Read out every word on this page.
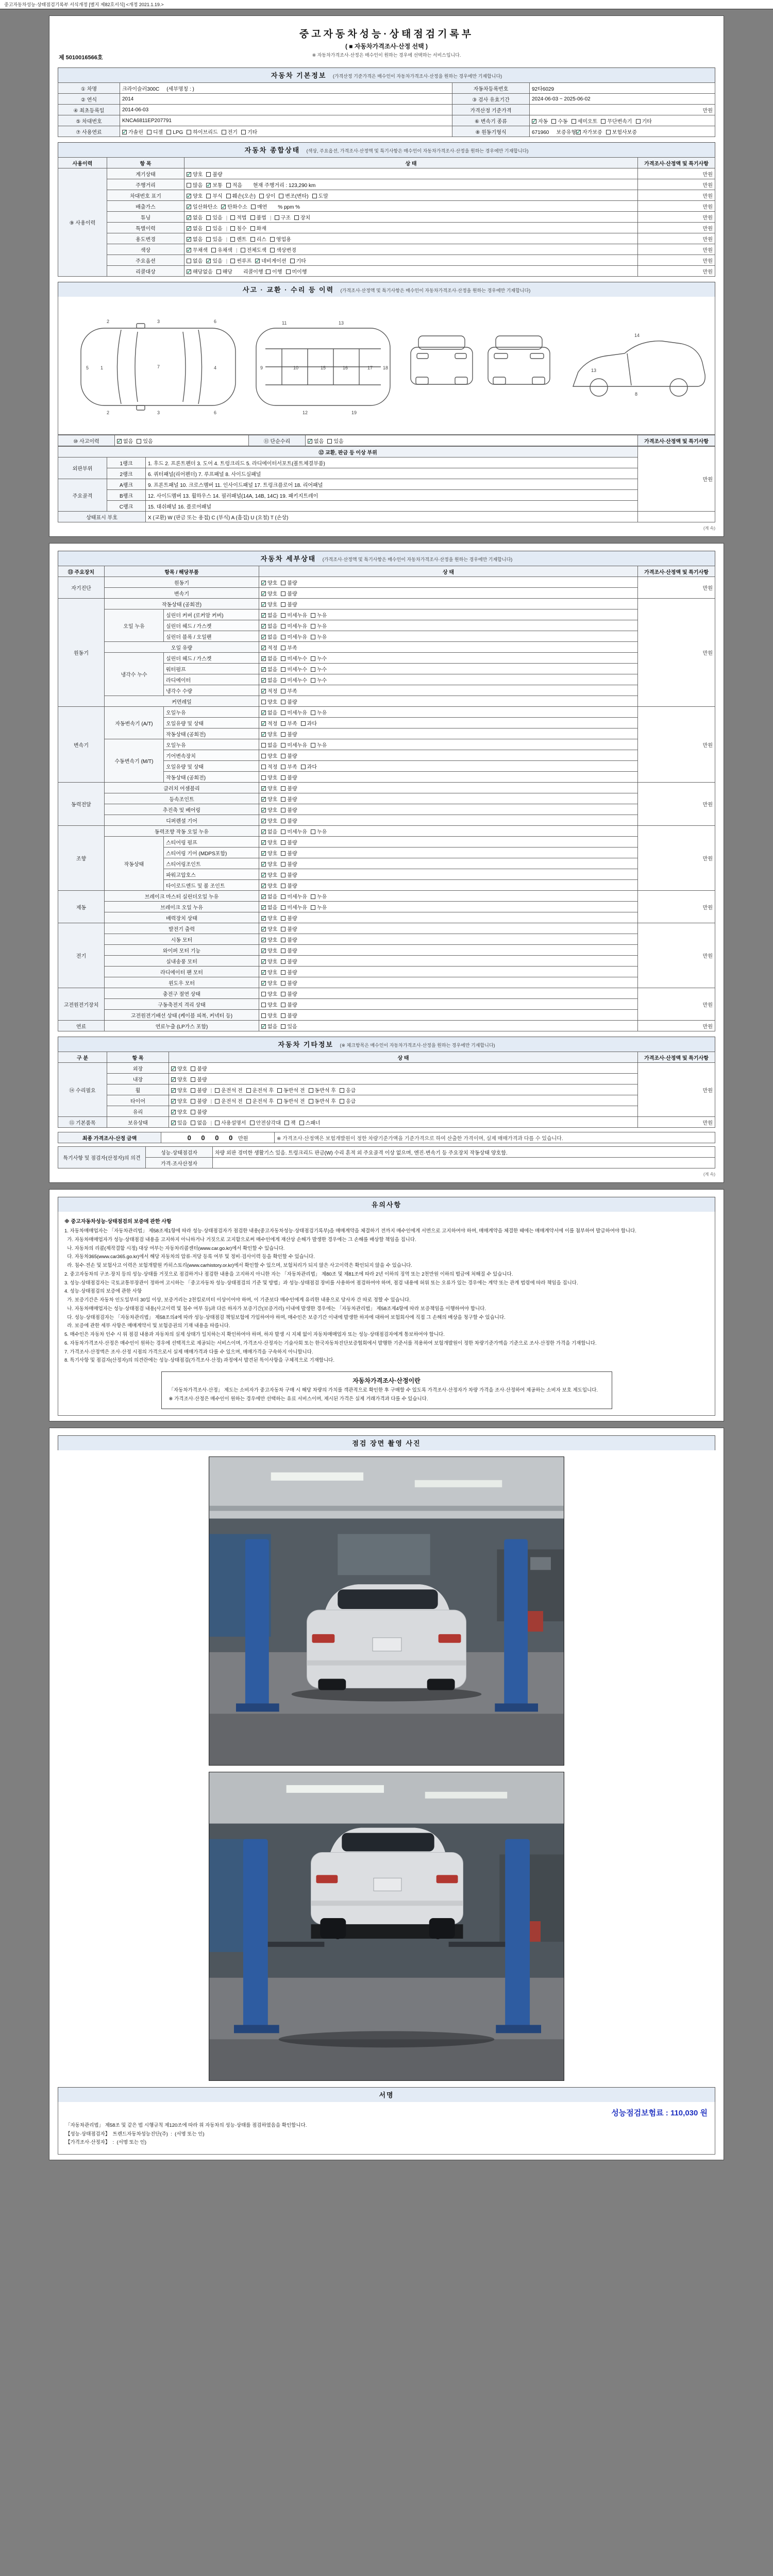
중고자동차성능·상태점검기록부 서식개정 [별지 제82호서식] <개정 2021.1.19.>
제 5010016566호
중고자동차성능·상태점검기록부
( ■ 자동차가격조사·산정 선택 )
※ 자동차가격조사·산정은 매수인이 원하는 경우에 선택하는 서비스입니다.
자동차 기본정보 (가격산정 기준가격은 매수인이 자동차가격조사·산정을 원하는 경우에만 기재합니다)
① 차명	크라이슬러300C (세부명칭 : )	자동차등록번호	92타6029
② 연식	2014	③ 검사 유효기간	2024-06-03 ~ 2025-06-02
④ 최초등록일	2014-06-03	가격산정 기준가격	만원
⑤ 차대번호	KNCA6811EP207791	⑥ 변속기 종류	✓자동 수동 세미오토 무단변속기 기타
⑦ 사용연료	✓가솔린 디젤 LPG 하이브리드 전기 기타	⑧ 원동기형식	671960 보증유형 ✓ 자가보증 보험사보증
자동차 종합상태 (색상, 주요옵션, 가격조사·산정액 및 특기사항은 매수인이 자동차가격조사·산정을 원하는 경우에만 기재합니다)
사용이력	항 목	상 태	가격조사·산정액 및 특기사항
⑨ 사용이력	계기상태	✓양호 불량	만원
	주행거리	많음 ✓ 보통 적음 현재 주행거리 : 123,290 km	만원
	차대번호 표기	✓양호 부식 훼손(오손) 상이 변조(변타) 도말	만원
	배출가스	✓일산화탄소 ✓ 탄화수소 매연 % ppm %	만원
	튜닝	✓없음 있음 | 적법 불법 | 구조 장치	만원
	특별이력	✓없음 있음 | 침수 화재	만원
	용도변경	✓없음 있음 | 렌트 리스 영업용	만원
	색상	✓무채색 유채색 | 전체도색 색상변경	만원
	주요옵션	없음 ✓ 있음 | 썬루프 ✓ 네비게이션 기타	만원
	리콜대상	✓해당없음 해당 리콜이행 : 이행 미이행	만원
사고 · 교환 · 수리 등 이력 (가격조사·산정액 및 특기사항은 매수인이 자동차가격조사·산정을 원하는 경우에만 기재합니다)
1
2	3
4
5
6
7
2	3	6
9
11
10
12
15	16	17 18
13
19
14
8
13
⑩ 사고이력	✓없음 있음	⑪ 단순수리	✓없음 있음	가격조사·산정액 및 특기사항
⑫ 교환, 판금 등 이상 부위			만원
외판부위	1랭크	1. 후드 2. 프론트펜더 3. 도어 4. 트렁크리드 5. 라디에이터서포트(볼트체결부품)	
	2랭크	6. 쿼터패널(리어펜더) 7. 루프패널 8. 사이드실패널	
주요골격	A랭크	9. 프론트패널 10. 크로스멤버 11. 인사이드패널 17. 트렁크플로어 18. 리어패널	
	B랭크	12. 사이드멤버 13. 휠하우스 14. 필러패널(14A, 14B, 14C) 19. 패키지트레이	
	C랭크	15. 대쉬패널 16. 플로어패널	
상태표시 부호		X (교환) W (판금 또는 용접) C (부식) A (흠집) U (요철) T (손상)	
(계 속)
자동차 세부상태 (가격조사·산정액 및 특기사항은 매수인이 자동차가격조사·산정을 원하는 경우에만 기재합니다)
⑬ 주요장치	항목 / 해당부품		상 태	가격조사·산정액 및 특기사항
자기진단	원동기	✓양호 불량	만원
	변속기	✓양호 불량
원동기	작동상태 (공회전)	✓양호 불량	만원
	오일 누유	실린더 커버 (로커암 커버)	✓없음 미세누유 누유
		실린더 헤드 / 가스켓	✓없음 미세누유 누유
		실린더 블록 / 오일팬	✓없음 미세누유 누유
	오일 유량	✓적정 부족
	냉각수 누수	실린더 헤드 / 가스켓	✓없음 미세누수 누수
		워터펌프	✓없음 미세누수 누수
		라디에이터	✓없음 미세누수 누수
		냉각수 수량	✓적정 부족
	커먼레일		양호 불량	
변속기	자동변속기 (A/T)	오일누유	✓없음 미세누유 누유	만원
		오일유량 및 상태	✓적정 부족 과다
		작동상태 (공회전)	✓양호 불량
	수동변속기 (M/T)	오일누유	없음 미세누유 누유	
		기어변속장치	양호 불량	
		오일유량 및 상태	적정 부족 과다	
		작동상태 (공회전)	양호 불량	
동력전달	클러치 어셈블리	✓양호 불량	만원
	등속조인트	✓양호 불량
	추진축 및 베어링	✓양호 불량
	디퍼렌셜 기어	✓양호 불량
조향	동력조향 작동 오일 누유	✓없음 미세누유 누유	만원
	작동상태	스티어링 펌프	✓양호 불량
		스티어링 기어 (MDPS포함)	✓양호 불량
		스티어링조인트	✓양호 불량
		파워고압호스	✓양호 불량
		타이로드엔드 및 볼 조인트	✓양호 불량
제동	브레이크 마스터 실린더오일 누유	✓없음 미세누유 누유	만원
	브레이크 오일 누유	✓없음 미세누유 누유
	배력장치 상태	✓양호 불량
전기	발전기 출력	✓양호 불량	만원
	시동 모터	✓양호 불량
	와이퍼 모터 기능	✓양호 불량
	실내송풍 모터	✓양호 불량
	라디에이터 팬 모터	✓양호 불량
	윈도우 모터	✓양호 불량
고전원전기장치	충전구 절연 상태		양호 불량	만원
	구동축전지 격리 상태		양호 불량	
	고전원전기배선 상태 (케이블 피복, 커넥터 등)		양호 불량	
연료	연료누출 (LP가스 포함)	✓없음 있음	만원
자동차 기타정보 (※ 체크항목은 매수인이 자동차가격조사·산정을 원하는 경우에만 기재합니다)
구 분	항 목	상 태	가격조사·산정액 및 특기사항
⑭ 수리필요	외장	✓양호 불량	만원
	내장	✓양호 불량
	휠	✓양호 불량 | 운전석 전 운전석 후 동반석 전 동반석 후 응급
	타이어	✓양호 불량 | 운전석 전 운전석 후 동반석 전 동반석 후 응급
	유리	✓양호 불량
⑮ 기본품목	보유상태	✓있음 없음 | 사용설명서 안전삼각대 잭 스패너	만원
최종 가격조사·산정 금액	0 0 0 0 만원	※ 가격조사·산정액은 보험개발원이 정한 차량기준가액을 기준가격으로 하여 산출한 가격이며, 실제 매매가격과 다를 수 있습니다.
특기사항 및 점검자(산정자)의 의견	성능·상태점검자	차량 외판 경미한 생활기스 있음. 트렁크리드 판금(W) 수리 흔적 외 주요골격 이상 없으며, 엔진·변속기 등 주요장치 작동상태 양호함.
	가격·조사산정자	
(계 속)
유의사항
※ 중고자동차성능·상태점검의 보증에 관한 사항

1. 자동차매매업자는 「자동차관리법」 제58조제1항에 따라 성능·상태점검자가 점검한 내용(중고자동차성능·상태점검기록부)을 매매계약을 체결하기 전까지 매수인에게 서면으로 고지하여야 하며, 매매계약을 체결한 때에는 매매계약서에 이를 첨부하여 발급하여야 합니다.

가. 자동차매매업자가 성능·상태점검 내용을 고지하지 아니하거나 거짓으로 고지함으로써 매수인에게 재산상 손해가 발생한 경우에는 그 손해를 배상할 책임을 집니다.

나. 자동차의 리콜(제작결함 시정) 대상 여부는 자동차리콜센터(www.car.go.kr)에서 확인할 수 있습니다.

다. 자동차365(www.car365.go.kr)에서 해당 자동차의 압류·저당 등록 여부 및 정비·검사이력 등을 확인할 수 있습니다.

라. 침수·전손 및 보험사고 이력은 보험개발원 카히스토리(www.carhistory.or.kr)에서 확인할 수 있으며, 보험처리가 되지 않은 사고이력은 확인되지 않을 수 있습니다.

2. 중고자동차의 구조·장치 등의 성능·상태를 거짓으로 점검하거나 점검한 내용을 고지하지 아니한 자는 「자동차관리법」 제80조 및 제81조에 따라 2년 이하의 징역 또는 2천만원 이하의 벌금에 처해질 수 있습니다.

3. 성능·상태점검자는 국토교통부장관이 정하여 고시하는 「중고자동차 성능·상태점검의 기준 및 방법」과 성능·상태점검 장비를 사용하여 점검하여야 하며, 점검 내용에 허위 또는 오류가 있는 경우에는 계약 또는 관계 법령에 따라 책임을 집니다.

4. 성능·상태점검의 보증에 관한 사항

가. 보증기간은 자동차 인도일부터 30일 이상, 보증거리는 2천킬로미터 이상이어야 하며, 이 기준보다 매수인에게 유리한 내용으로 당사자 간 따로 정할 수 있습니다.

나. 자동차매매업자는 성능·상태점검 내용(사고이력 및 침수 여부 등)과 다른 하자가 보증기간(보증거리) 이내에 발생한 경우에는 「자동차관리법」 제58조제4항에 따라 보증책임을 이행하여야 합니다.

다. 성능·상태점검자는 「자동차관리법」 제58조의4에 따라 성능·상태점검 책임보험에 가입하여야 하며, 매수인은 보증기간 이내에 발생한 하자에 대하여 보험회사에 직접 그 손해의 배상을 청구할 수 있습니다.

라. 보증에 관한 세부 사항은 매매계약서 및 보험증권의 기재 내용을 따릅니다.

5. 매수인은 자동차 인수 시 위 점검 내용과 자동차의 실제 상태가 일치하는지 확인하여야 하며, 하자 발생 시 지체 없이 자동차매매업자 또는 성능·상태점검자에게 통보하여야 합니다.

6. 자동차가격조사·산정은 매수인이 원하는 경우에 선택적으로 제공되는 서비스이며, 가격조사·산정자는 기술사회 또는 한국자동차진단보증협회에서 발행한 기준서를 적용하여 보험개발원이 정한 차량기준가액을 기준으로 조사·산정한 가격을 기재합니다.

7. 가격조사·산정액은 조사·산정 시점의 가격으로서 실제 매매가격과 다를 수 있으며, 매매가격을 구속하지 아니합니다.

8. 특기사항 및 점검자(산정자)의 의견란에는 성능·상태점검(가격조사·산정) 과정에서 발견된 특이사항을 구체적으로 기재합니다.

자동차가격조사·산정이란

「자동차가격조사·산정」 제도는 소비자가 중고자동차 구매 시 해당 차량의 가치를 객관적으로 확인한 후 구매할 수 있도록 가격조사·산정자가 차량 가격을 조사·산정하여 제공하는 소비자 보호 제도입니다.

※ 가격조사·산정은 매수인이 원하는 경우에만 선택하는 유료 서비스이며, 제시된 가격은 실제 거래가격과 다를 수 있습니다.

점검 장면 촬영 사진
서명
성능점검보험료 : 110,030 원

「자동차관리법」 제58조 및 같은 법 시행규칙 제120조에 따라 위 자동차의 성능·상태를 점검하였음을 확인합니다.

【성능·상태점검자】  트렌드자동차성능진단(주)  :  (서명 또는 인)

【가격조사·산정자】  :  (서명 또는 인)
